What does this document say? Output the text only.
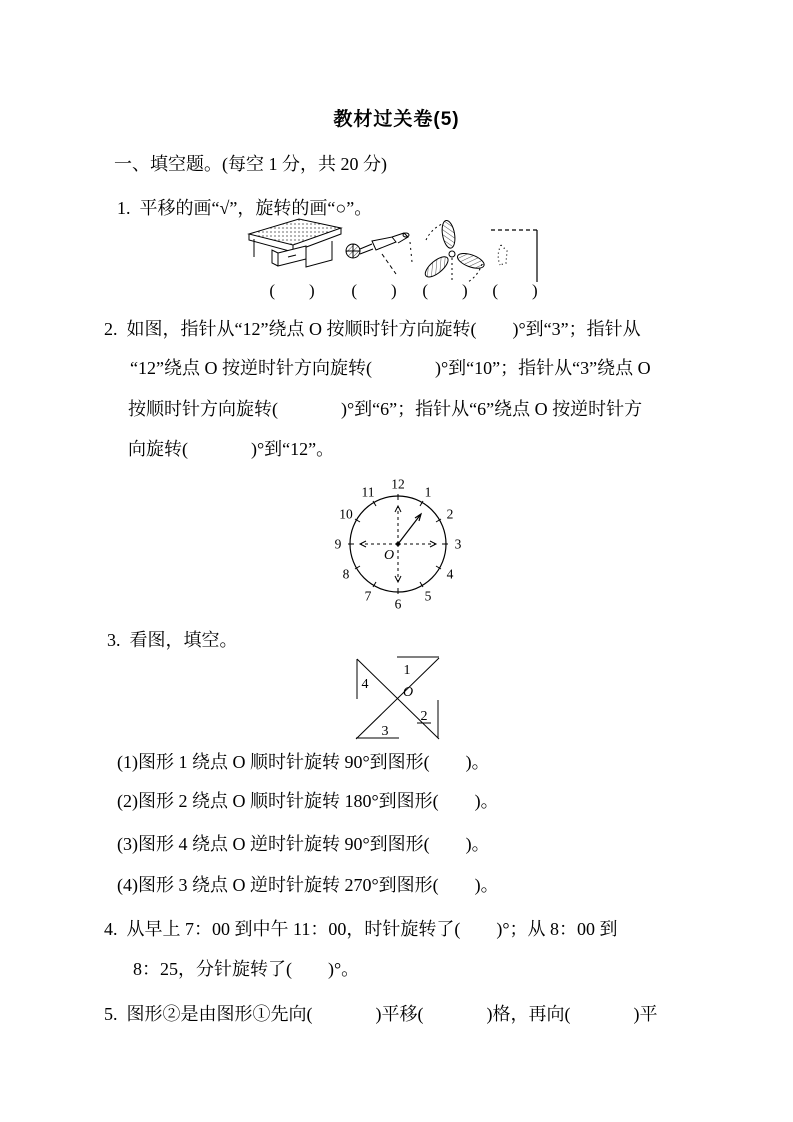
教材过关卷(5)
一、填空题。(每空 1 分，共 20 分)
1. 平移的画“√”，旋转的画“○”。
(  )	(  )	(  )	(  )
2. 如图，指针从“12”绕点 O 按顺时针方向旋转(  )°到“3”；指针从
“12”绕点 O 按逆时针方向旋转(    )°到“10”；指针从“3”绕点 O
按顺时针方向旋转(    )°到“6”；指针从“6”绕点 O 按逆时针方
向旋转(    )°到“12”。
12
1
2
3
4
5
6
7
8
9
10
11
O
3. 看图，填空。
4
1
O
2
3
(1)图形 1 绕点 O 顺时针旋转 90°到图形(  )。
(2)图形 2 绕点 O 顺时针旋转 180°到图形(  )。
(3)图形 4 绕点 O 逆时针旋转 90°到图形(  )。
(4)图形 3 绕点 O 逆时针旋转 270°到图形(  )。
4. 从早上 7：00 到中午 11：00，时针旋转了(  )°；从 8：00 到
8：25，分针旋转了(  )°。
5. 图形②是由图形①先向(    )平移(    )格，再向(    )平
